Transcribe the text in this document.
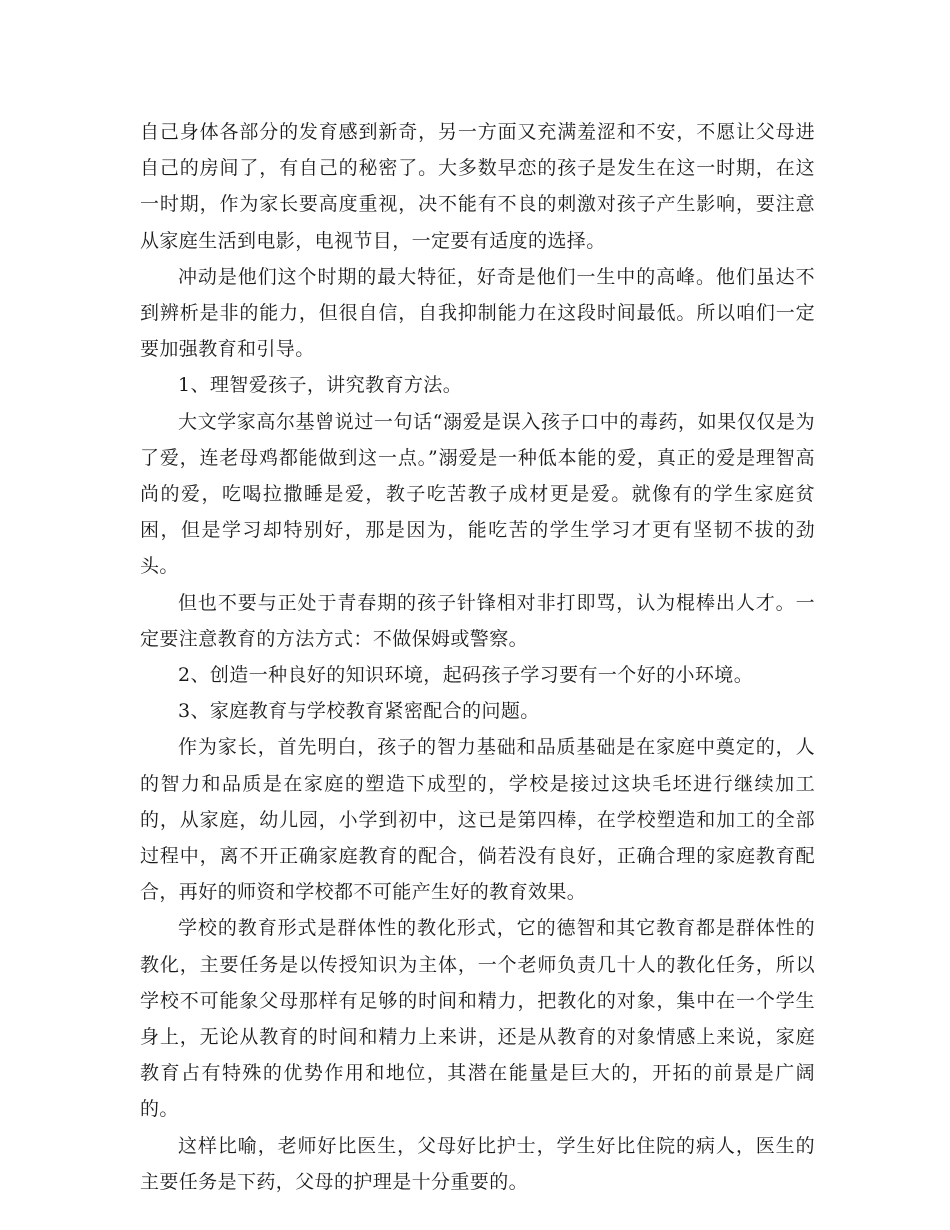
自己身体各部分的发育感到新奇，另一方面又充满羞涩和不安，不愿让父母进自己的房间了，有自己的秘密了。大多数早恋的孩子是发生在这一时期，在这一时期，作为家长要高度重视，决不能有不良的刺激对孩子产生影响，要注意从家庭生活到电影，电视节目，一定要有适度的选择。

冲动是他们这个时期的最大特征，好奇是他们一生中的高峰。他们虽达不到辨析是非的能力，但很自信，自我抑制能力在这段时间最低。所以咱们一定要加强教育和引导。

1、理智爱孩子，讲究教育方法。

大文学家高尔基曾说过一句话“溺爱是误入孩子口中的毒药，如果仅仅是为了爱，连老母鸡都能做到这一点。”溺爱是一种低本能的爱，真正的爱是理智高尚的爱，吃喝拉撒睡是爱，教子吃苦教子成材更是爱。就像有的学生家庭贫困，但是学习却特别好，那是因为，能吃苦的学生学习才更有坚韧不拔的劲头。

但也不要与正处于青春期的孩子针锋相对非打即骂，认为棍棒出人才。一定要注意教育的方法方式：不做保姆或警察。

2、创造一种良好的知识环境，起码孩子学习要有一个好的小环境。

3、家庭教育与学校教育紧密配合的问题。

作为家长，首先明白，孩子的智力基础和品质基础是在家庭中奠定的，人的智力和品质是在家庭的塑造下成型的，学校是接过这块毛坯进行继续加工的，从家庭，幼儿园，小学到初中，这已是第四棒，在学校塑造和加工的全部过程中，离不开正确家庭教育的配合，倘若没有良好，正确合理的家庭教育配合，再好的师资和学校都不可能产生好的教育效果。

学校的教育形式是群体性的教化形式，它的德智和其它教育都是群体性的教化，主要任务是以传授知识为主体，一个老师负责几十人的教化任务，所以学校不可能象父母那样有足够的时间和精力，把教化的对象，集中在一个学生身上，无论从教育的时间和精力上来讲，还是从教育的对象情感上来说，家庭教育占有特殊的优势作用和地位，其潜在能量是巨大的，开拓的前景是广阔的。

这样比喻，老师好比医生，父母好比护士，学生好比住院的病人，医生的主要任务是下药，父母的护理是十分重要的。
